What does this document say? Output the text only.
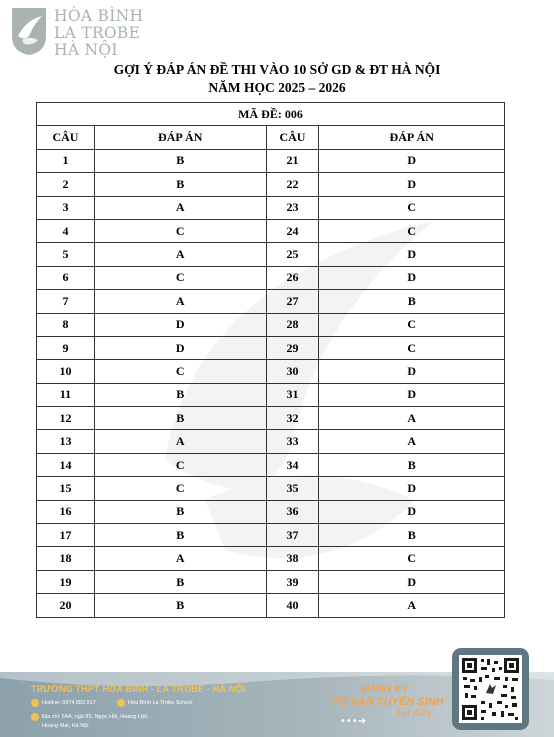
HÒA BÌNH
LA TROBE
HÀ NỘI
GỢI Ý ĐÁP ÁN ĐỀ THI VÀO 10 SỞ GD & ĐT HÀ NỘI
NĂM HỌC 2025 – 2026
MÃ ĐỀ: 006			
CÂU	ĐÁP ÁN	CÂU	ĐÁP ÁN
1	B	21	D
2	B	22	D
3	A	23	C
4	C	24	C
5	A	25	D
6	C	26	D
7	A	27	B
8	D	28	C
9	D	29	C
10	C	30	D
11	B	31	D
12	B	32	A
13	A	33	A
14	C	34	B
15	C	35	D
16	B	36	D
17	B	37	B
18	A	38	C
19	B	39	D
20	B	40	A
TRƯỜNG THPT HÒA BÌNH - LA TROBE - HÀ NỘI
Hotline: 0974.883.917	Hòa Bình La Trobe School
Địa chỉ: 54A, ngõ 83, Ngọc Hồi, Hoàng Liệt,
Hoàng Mai, Hà Nội
ĐĂNG KÝ
TƯ VẤN TUYỂN SINH
•••➔
tại đây
